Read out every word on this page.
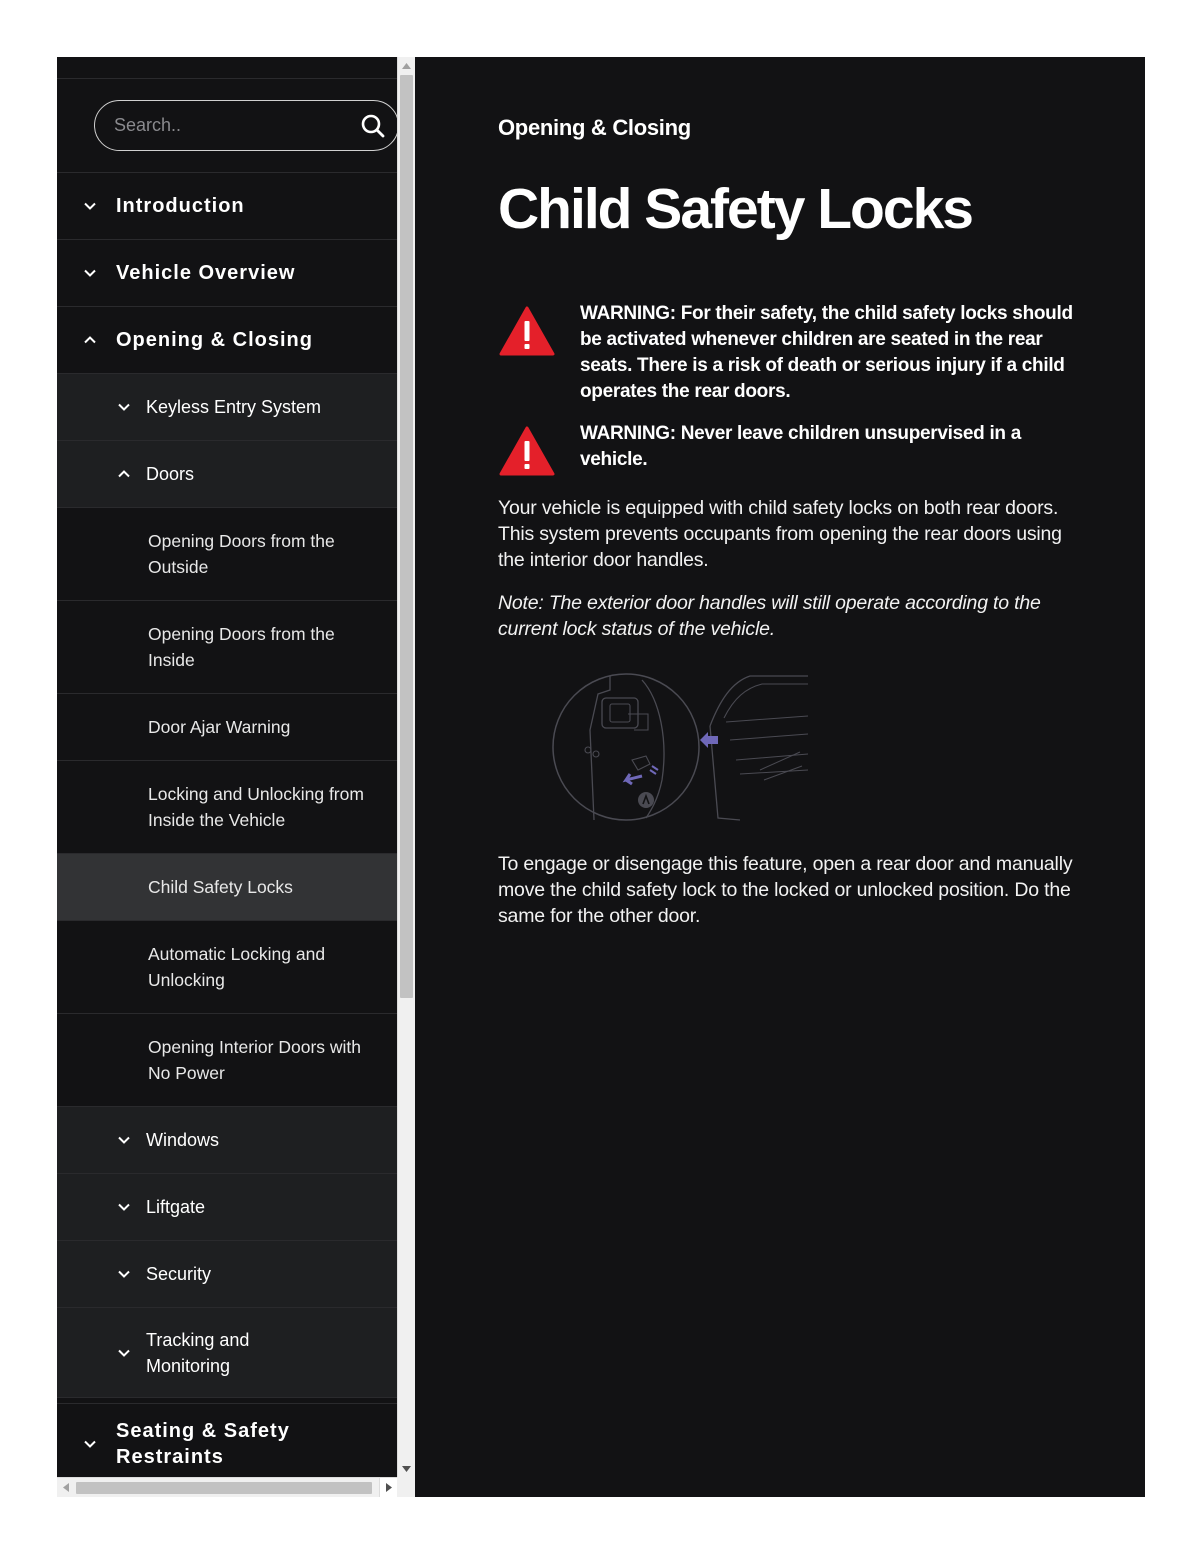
Search..
Introduction
Vehicle Overview
Opening & Closing
Keyless Entry System
Doors
Opening Doors from the Outside
Opening Doors from the Inside
Door Ajar Warning
Locking and Unlocking from Inside the Vehicle
Child Safety Locks
Automatic Locking and Unlocking
Opening Interior Doors with No Power
Windows
Liftgate
Security
Tracking and Monitoring
Seating & Safety Restraints
Opening & Closing
Child Safety Locks

WARNING: For their safety, the child safety locks should be activated whenever children are seated in the rear seats. There is a risk of death or serious injury if a child operates the rear doors.

WARNING: Never leave children unsupervised in a vehicle.

Your vehicle is equipped with child safety locks on both rear doors. This system prevents occupants from opening the rear doors using the interior door handles.

Note: The exterior door handles will still operate according to the current lock status of the vehicle.

To engage or disengage this feature, open a rear door and manually move the child safety lock to the locked or unlocked position. Do the same for the other door.
